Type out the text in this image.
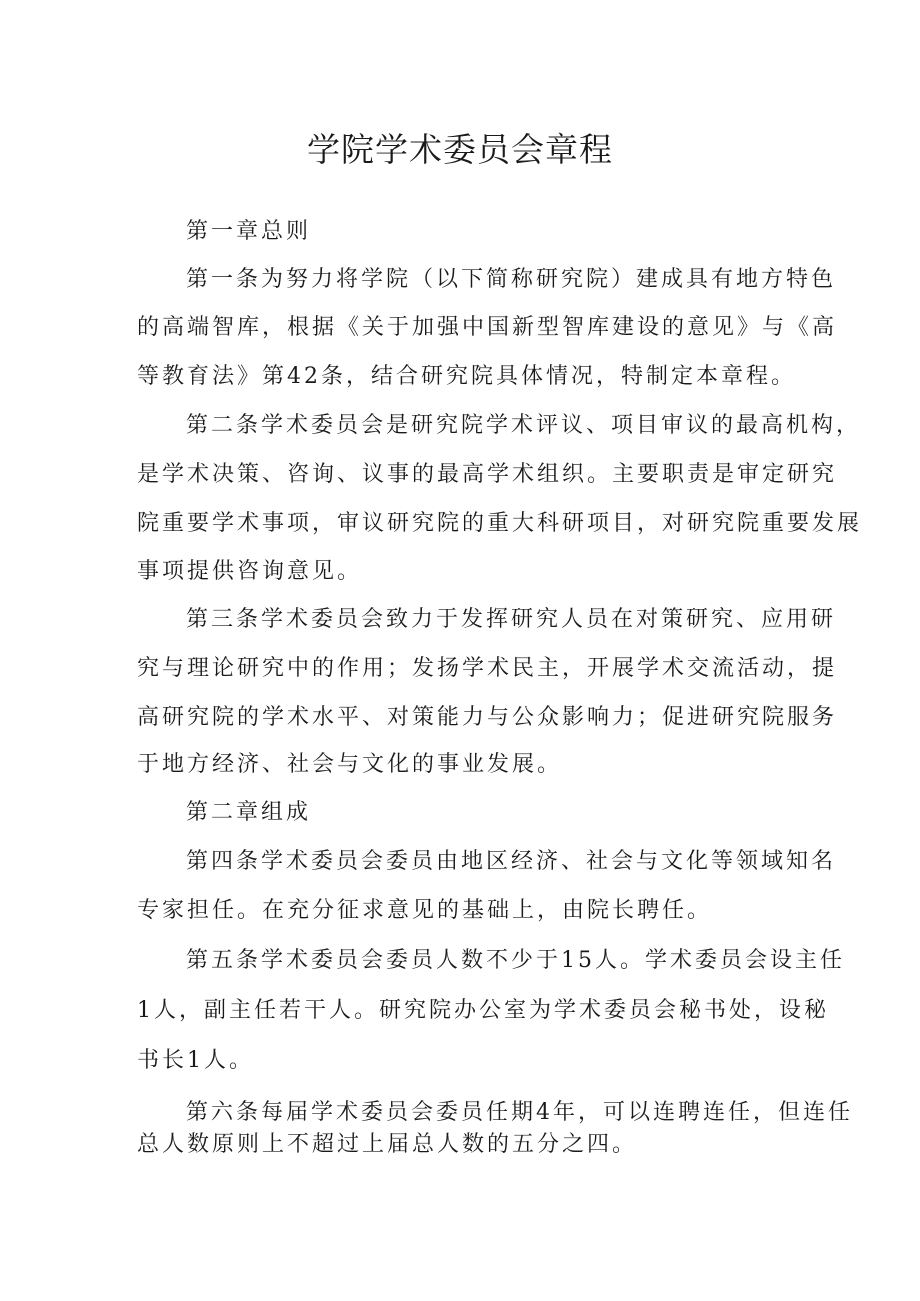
学院学术委员会章程
第一章总则
第一条为努力将学院（以下简称研究院）建成具有地方特色
的高端智库，根据《关于加强中国新型智库建设的意见》与《高
等教育法》第42条，结合研究院具体情况，特制定本章程。
第二条学术委员会是研究院学术评议、项目审议的最高机构，
是学术决策、咨询、议事的最高学术组织。主要职责是审定研究
院重要学术事项，审议研究院的重大科研项目，对研究院重要发展
事项提供咨询意见。
第三条学术委员会致力于发挥研究人员在对策研究、应用研
究与理论研究中的作用；发扬学术民主，开展学术交流活动，提
高研究院的学术水平、对策能力与公众影响力；促进研究院服务
于地方经济、社会与文化的事业发展。
第二章组成
第四条学术委员会委员由地区经济、社会与文化等领域知名
专家担任。在充分征求意见的基础上，由院长聘任。
第五条学术委员会委员人数不少于15人。学术委员会设主任
1人，副主任若干人。研究院办公室为学术委员会秘书处，设秘
书长1人。
第六条每届学术委员会委员任期4年，可以连聘连任，但连任
总人数原则上不超过上届总人数的五分之四。
